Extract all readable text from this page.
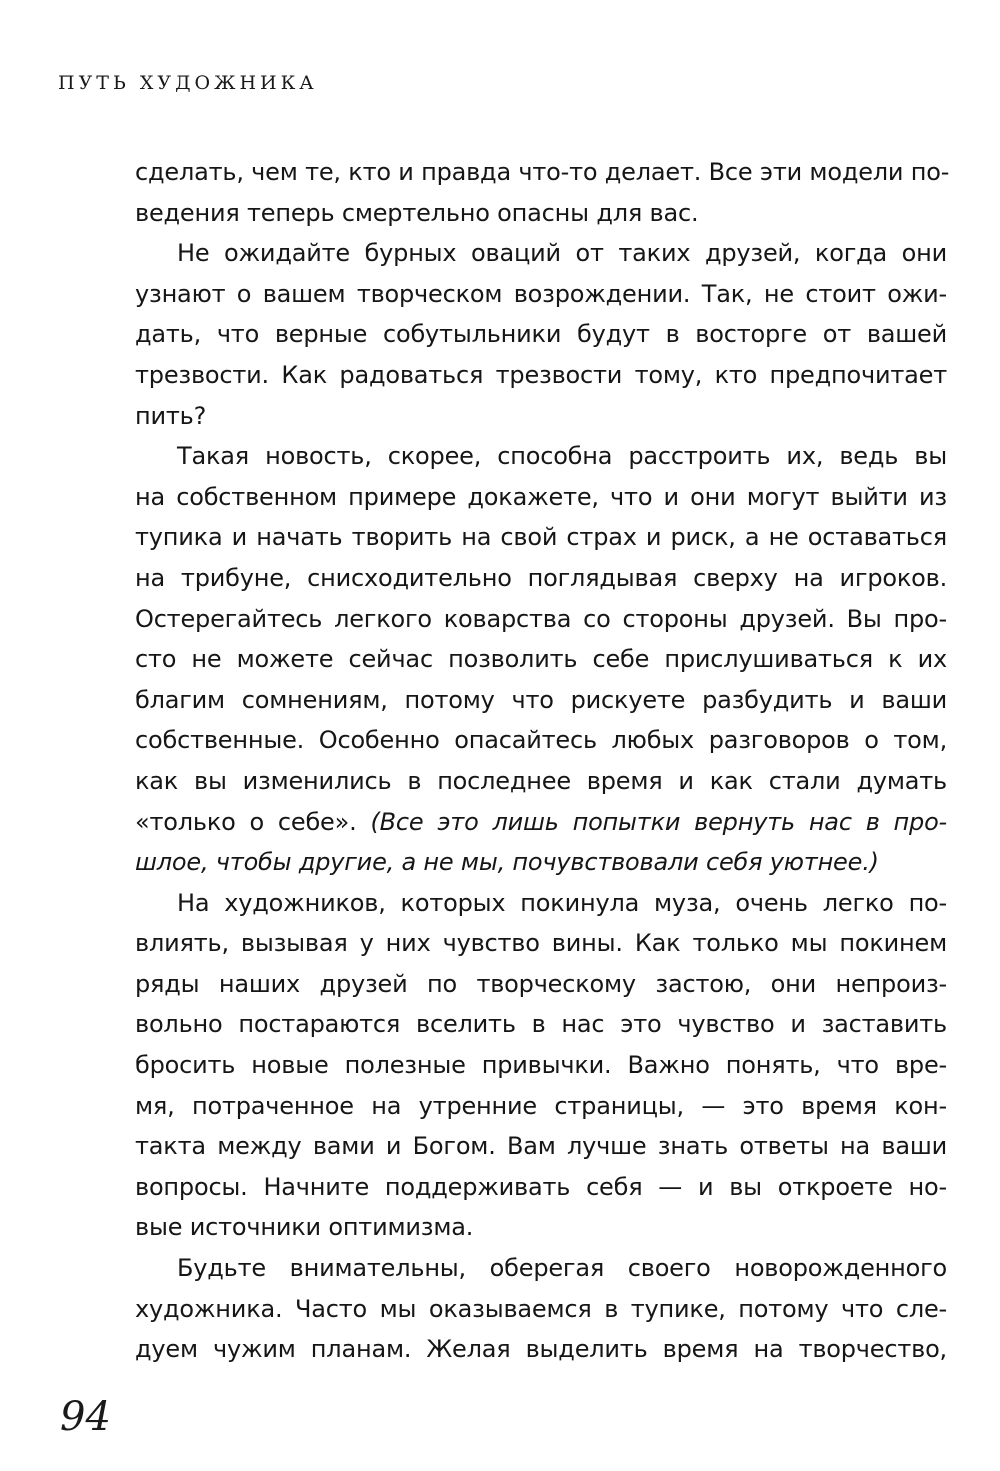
ПУТЬ ХУДОЖНИКА
сделать, чем те, кто и правда что-то делает. Все эти модели по-
ведения теперь смертельно опасны для вас.
Не ожидайте бурных оваций от таких друзей, когда они
узнают о вашем творческом возрождении. Так, не стоит ожи-
дать, что верные собутыльники будут в восторге от вашей
трезвости. Как радоваться трезвости тому, кто предпочитает
пить?
Такая новость, скорее, способна расстроить их, ведь вы
на собственном примере докажете, что и они могут выйти из
тупика и начать творить на свой страх и риск, а не оставаться
на трибуне, снисходительно поглядывая сверху на игроков.
Остерегайтесь легкого коварства со стороны друзей. Вы про-
сто не можете сейчас позволить себе прислушиваться к их
благим сомнениям, потому что рискуете разбудить и ваши
собственные. Особенно опасайтесь любых разговоров о том,
как вы изменились в последнее время и как стали думать
«только о себе». (Все это лишь попытки вернуть нас в про-
шлое, чтобы другие, а не мы, почувствовали себя уютнее.)
На художников, которых покинула муза, очень легко по-
влиять, вызывая у них чувство вины. Как только мы покинем
ряды наших друзей по творческому застою, они непроиз-
вольно постараются вселить в нас это чувство и заставить
бросить новые полезные привычки. Важно понять, что вре-
мя, потраченное на утренние страницы, — это время кон-
такта между вами и Богом. Вам лучше знать ответы на ваши
вопросы. Начните поддерживать себя — и вы откроете но-
вые источники оптимизма.
Будьте внимательны, оберегая своего новорожденного
художника. Часто мы оказываемся в тупике, потому что сле-
дуем чужим планам. Желая выделить время на творчество,
94
